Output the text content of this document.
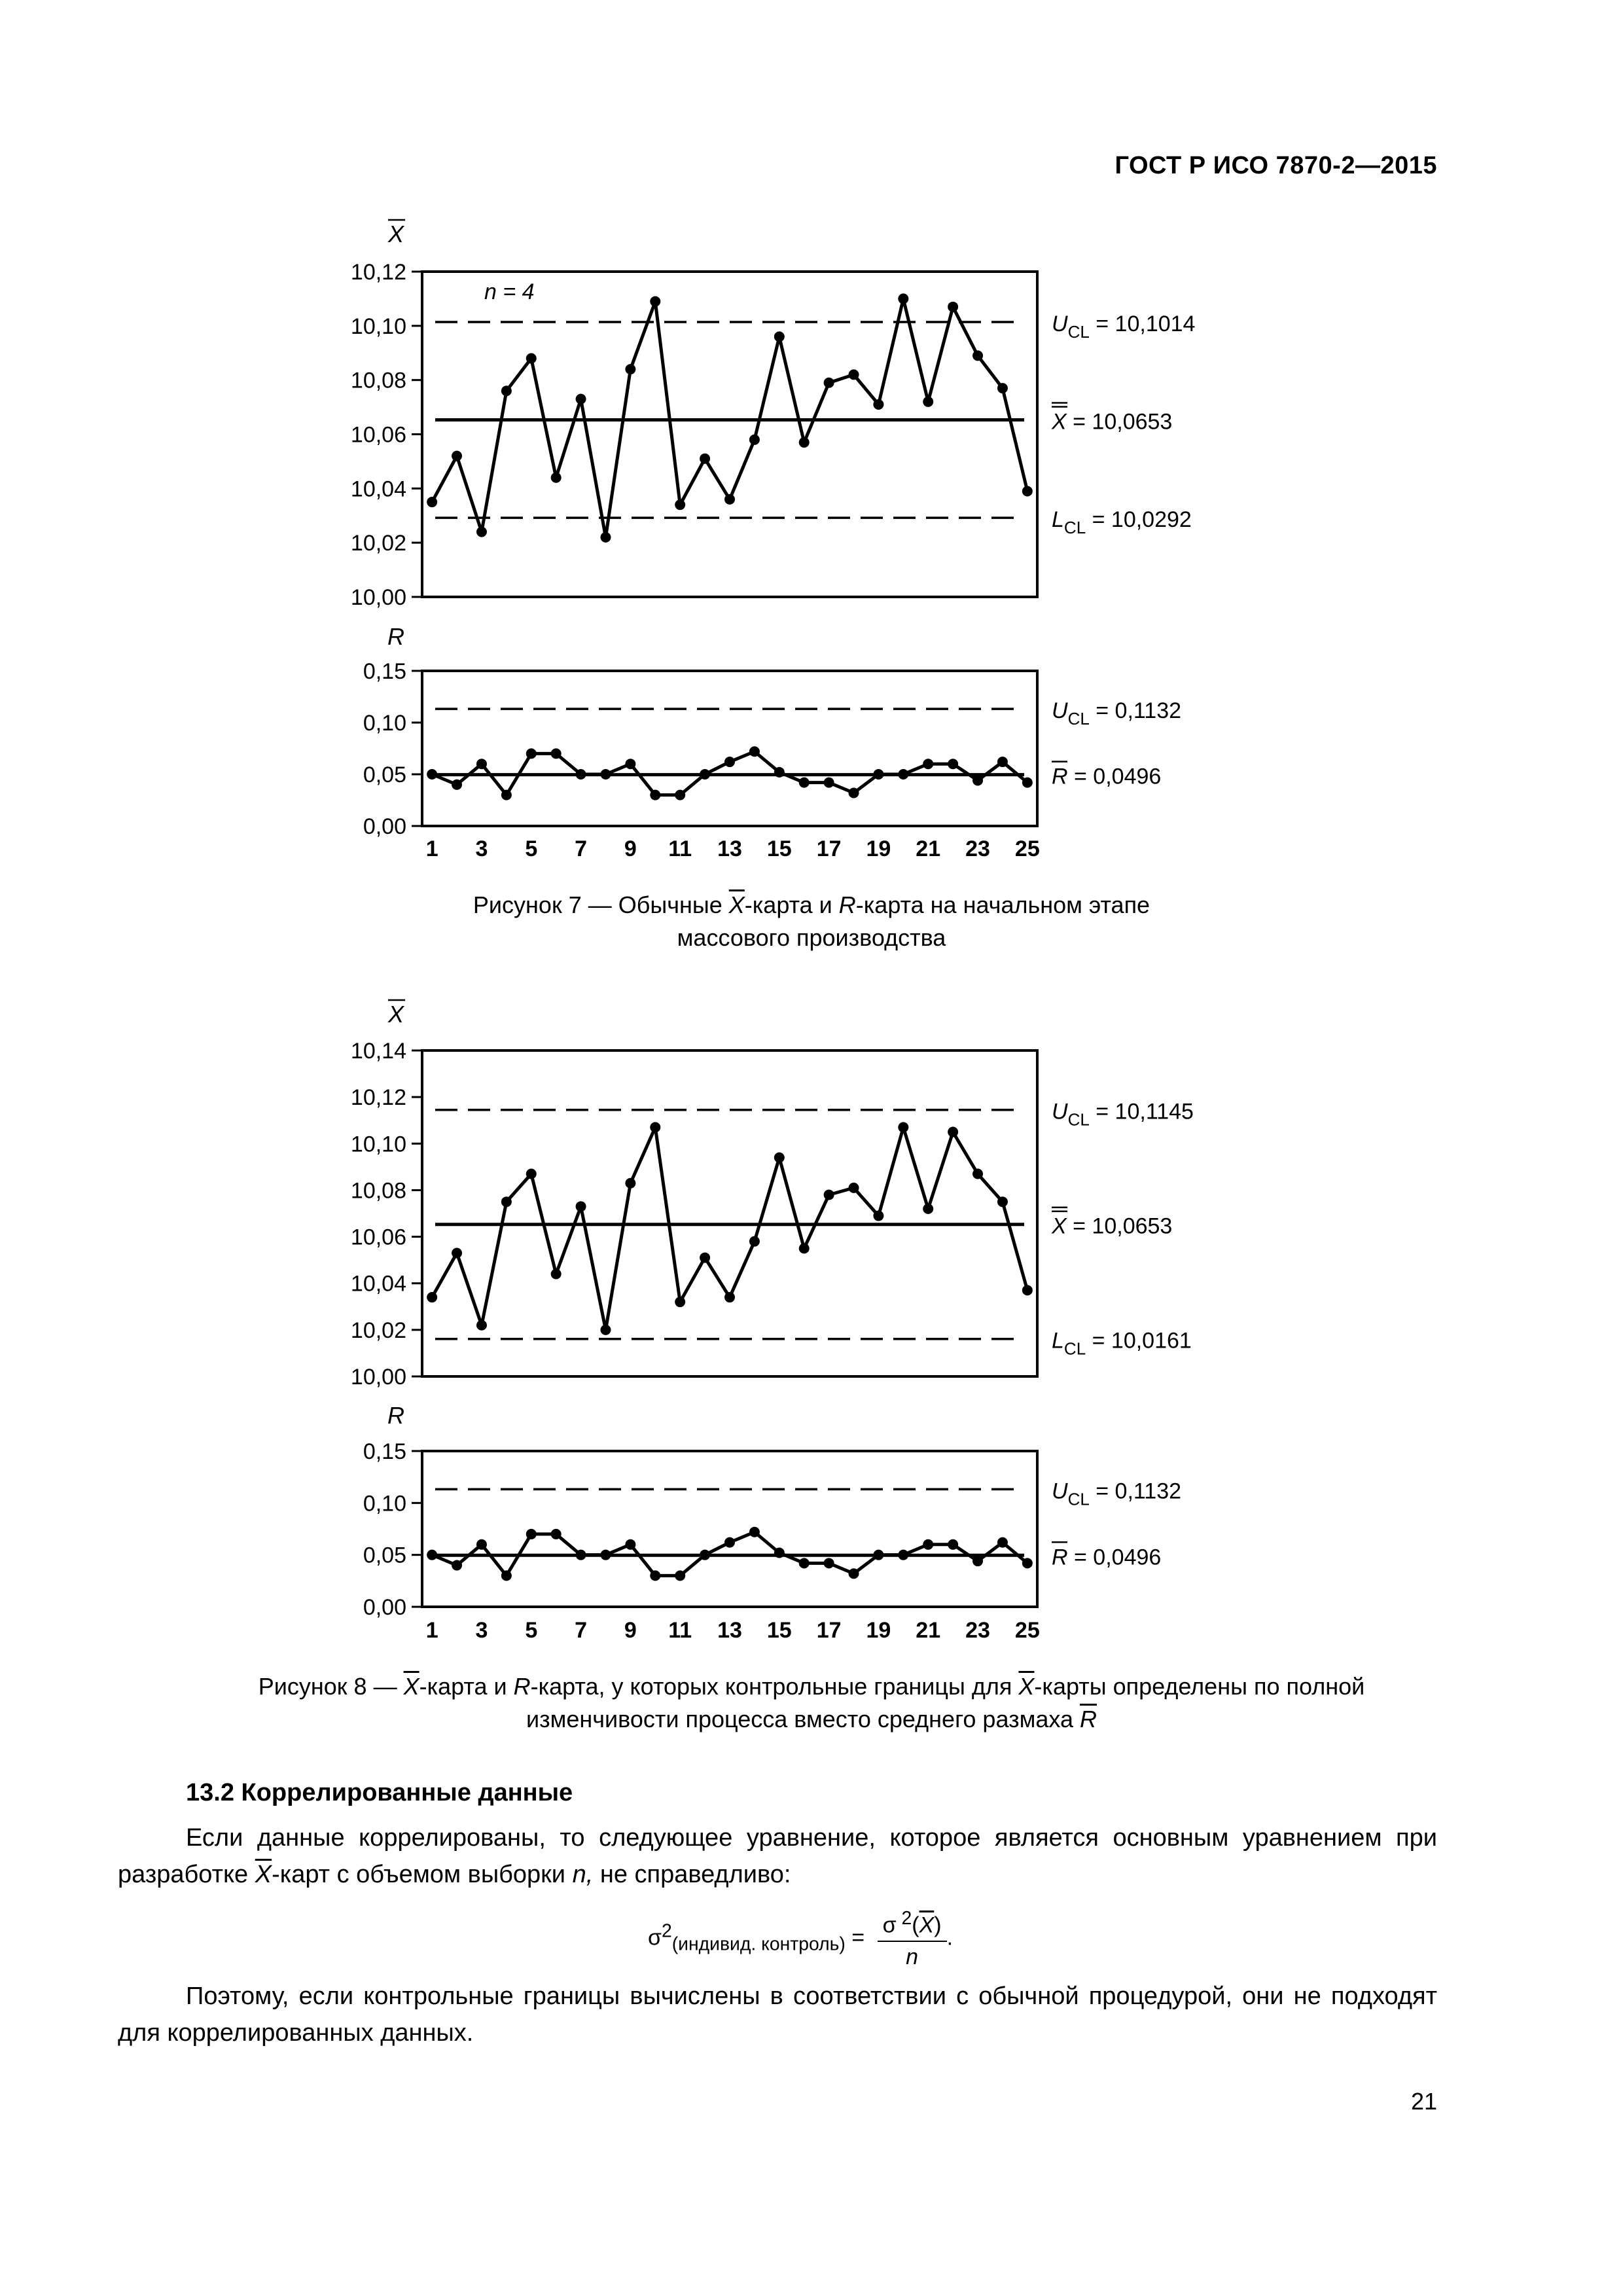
ГОСТ Р ИСО 7870-2—2015
10,00
10,02
10,04
10,06
10,08
10,10
10,12
X
n = 4
$U_{CL} = 10,1014$
X = 10,0653
$L_{CL} = 10,0292$
0,00
0,05
0,10
0,15
R
$U_{CL} = 0,1132$
R = 0,0496
1 3 5 7 9 11 13 15 17 19 21 23 25
Рисунок 7 — Обычные $\overline{X}$-карта и R-карта на начальном этапе
массового производства
10,00
10,02
10,04
10,06
10,08
10,10
10,12
10,14
X
$U_{CL} = 10,1145$
X = 10,0653
$L_{CL} = 10,0161$
0,00
0,05
0,10
0,15
R
$U_{CL} = 0,1132$
R = 0,0496
1 3 5 7 9 11 13 15 17 19 21 23 25
Рисунок 8 — $\overline{X}$-карта и R-карта, у которых контрольные границы для $\overline{X}$-карты определены по полной
изменчивости процесса вместо среднего размаха $\overline{R}$
13.2 Коррелированные данные
Если данные коррелированы, то следующее уравнение, которое является основным уравнением при разработке $\overline{X}$-карт с объемом выборки n, не справедливо:
$\sigma^2_{(индивид. контроль)} = \frac{\sigma ^2(\overline{X})}{n}$ .
Поэтому, если контрольные границы вычислены в соответствии с обычной процедурой, они не подходят для коррелированных данных.
21
